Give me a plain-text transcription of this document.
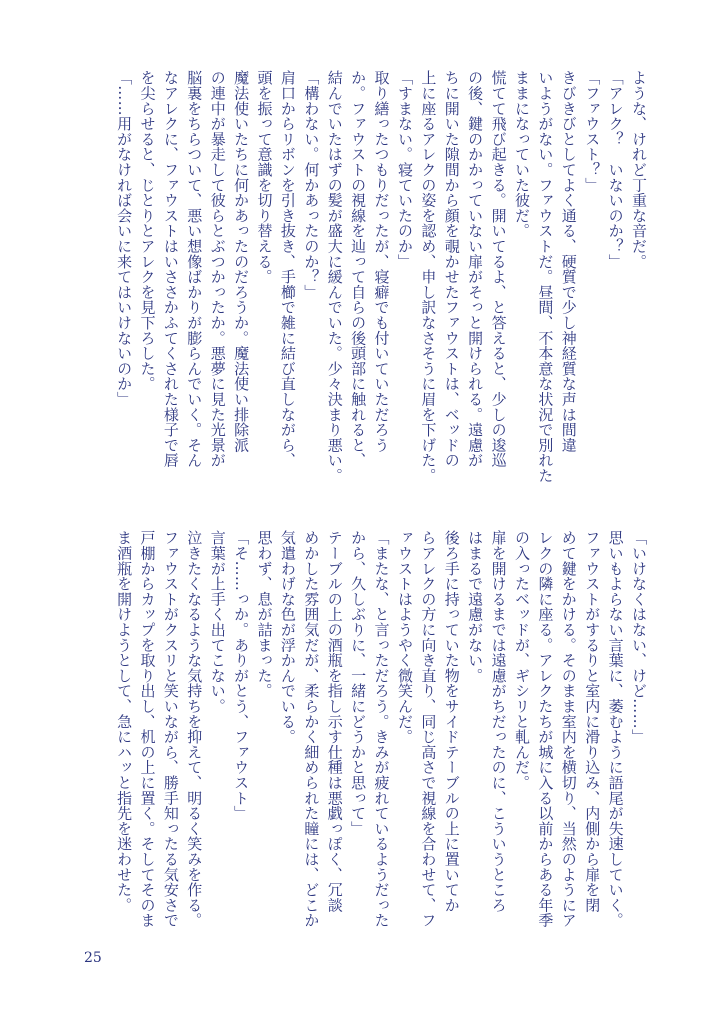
ような、けれど丁重な音だ。

「アレク？　いないのか？」

「ファウスト？」

きびきびとしてよく通る、硬質で少し神経質な声は間違

いようがない。ファウストだ。昼間、不本意な状況で別れた

ままになっていた彼だ。

慌てて飛び起きる。開いてるよ、と答えると、少しの逡巡

の後、鍵のかかっていない扉がそっと開けられる。遠慮が

ちに開いた隙間から顔を覗かせたファウストは、ベッドの

上に座るアレクの姿を認め、申し訳なさそうに眉を下げた。

「すまない。寝ていたのか」

取り繕ったつもりだったが、寝癖でも付いていただろう

か。ファウストの視線を辿って自らの後頭部に触れると、

結んでいたはずの髪が盛大に緩んでいた。少々決まり悪い。

「構わない。何かあったのか？」

肩口からリボンを引き抜き、手櫛で雑に結び直しながら、

頭を振って意識を切り替える。

魔法使いたちに何かあったのだろうか。魔法使い排除派

の連中が暴走して彼らとぶつかったか。悪夢に見た光景が

脳裏をちらついて、悪い想像ばかりが膨らんでいく。そん

なアレクに、ファウストはいささかふてくされた様子で唇

を尖らせると、じとりとアレクを見下ろした。

「……用がなければ会いに来てはいけないのか」

「いけなくはない、けど……」

思いもよらない言葉に、萎むように語尾が失速していく。

ファウストがするりと室内に滑り込み、内側から扉を閉

めて鍵をかける。そのまま室内を横切り、当然のようにア

レクの隣に座る。アレクたちが城に入る以前からある年季

の入ったベッドが、ギシリと軋んだ。

扉を開けるまでは遠慮がちだったのに、こういうところ

はまるで遠慮がない。

後ろ手に持っていた物をサイドテーブルの上に置いてか

らアレクの方に向き直り、同じ高さで視線を合わせて、フ

ァウストはようやく微笑んだ。

「またな、と言っただろう。きみが疲れているようだった

から、久しぶりに、一緒にどうかと思って」

テーブルの上の酒瓶を指し示す仕種は悪戯っぽく、冗談

めかした雰囲気だが、柔らかく細められた瞳には、どこか

気遣わげな色が浮かんでいる。

思わず、息が詰まった。

「そ……っか。ありがとう、ファウスト」

言葉が上手く出てこない。

泣きたくなるような気持ちを抑えて、明るく笑みを作る。

ファウストがクスリと笑いながら、勝手知ったる気安さで

戸棚からカップを取り出し、机の上に置く。そしてそのま

ま酒瓶を開けようとして、急にハッと指先を迷わせた。

25
